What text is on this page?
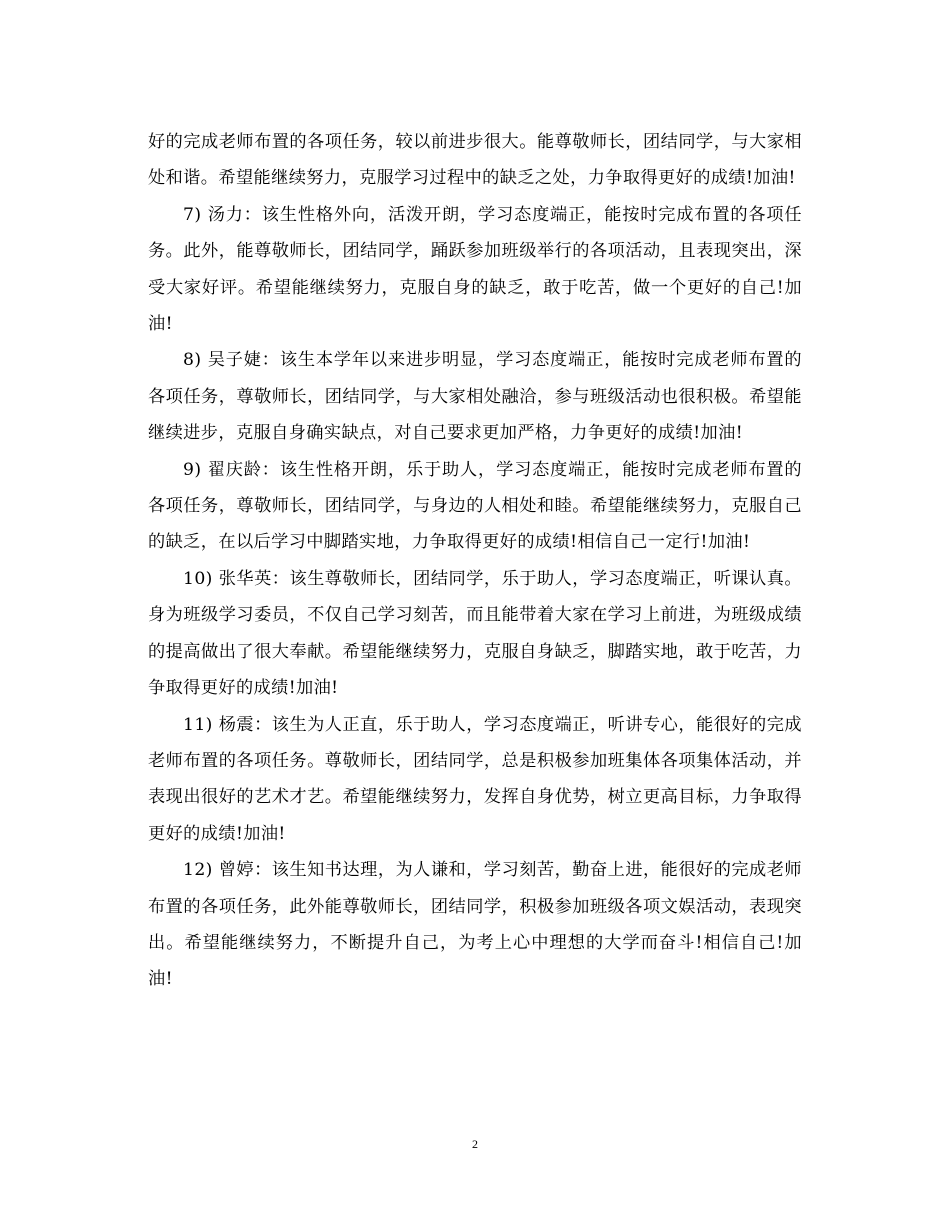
好的完成老师布置的各项任务，较以前进步很大。能尊敬师长，团结同学，与大家相处和谐。希望能继续努力，克服学习过程中的缺乏之处，力争取得更好的成绩!加油!

7) 汤力：该生性格外向，活泼开朗，学习态度端正，能按时完成布置的各项任务。此外，能尊敬师长，团结同学，踊跃参加班级举行的各项活动，且表现突出，深受大家好评。希望能继续努力，克服自身的缺乏，敢于吃苦，做一个更好的自己!加油!

8) 吴子婕：该生本学年以来进步明显，学习态度端正，能按时完成老师布置的各项任务，尊敬师长，团结同学，与大家相处融洽，参与班级活动也很积极。希望能继续进步，克服自身确实缺点，对自己要求更加严格，力争更好的成绩!加油!

9) 翟庆龄：该生性格开朗，乐于助人，学习态度端正，能按时完成老师布置的各项任务，尊敬师长，团结同学，与身边的人相处和睦。希望能继续努力，克服自己的缺乏，在以后学习中脚踏实地，力争取得更好的成绩!相信自己一定行!加油!

10) 张华英：该生尊敬师长，团结同学，乐于助人，学习态度端正，听课认真。身为班级学习委员，不仅自己学习刻苦，而且能带着大家在学习上前进，为班级成绩的提高做出了很大奉献。希望能继续努力，克服自身缺乏，脚踏实地，敢于吃苦，力争取得更好的成绩!加油!

11) 杨震：该生为人正直，乐于助人，学习态度端正，听讲专心，能很好的完成老师布置的各项任务。尊敬师长，团结同学，总是积极参加班集体各项集体活动，并表现出很好的艺术才艺。希望能继续努力，发挥自身优势，树立更高目标，力争取得更好的成绩!加油!

12) 曾婷：该生知书达理，为人谦和，学习刻苦，勤奋上进，能很好的完成老师布置的各项任务，此外能尊敬师长，团结同学，积极参加班级各项文娱活动，表现突出。希望能继续努力，不断提升自己，为考上心中理想的大学而奋斗!相信自己!加油!

2
